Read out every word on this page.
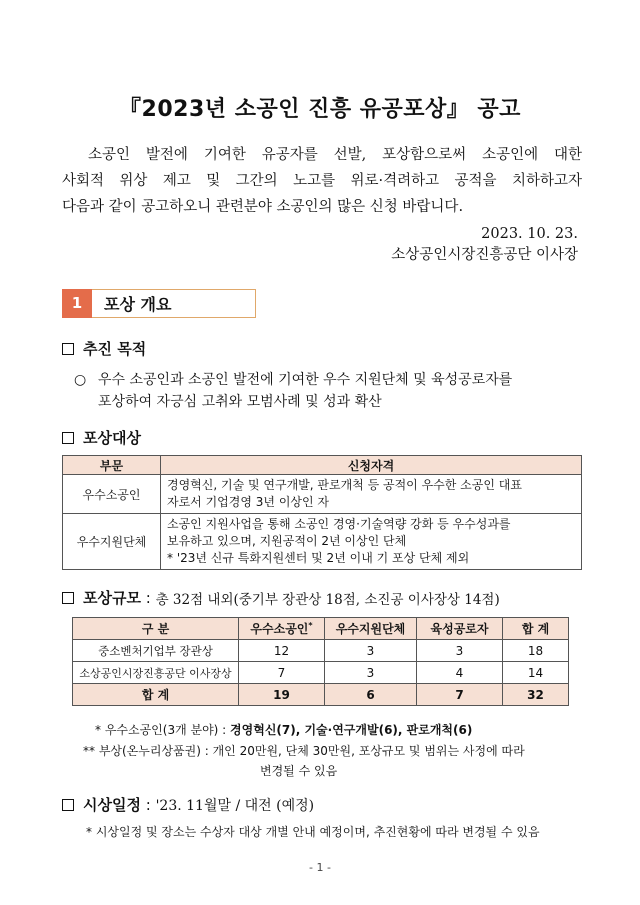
『2023년 소공인 진흥 유공포상』 공고
소공인 발전에 기여한 유공자를 선발, 포상함으로써 소공인에 대한
사회적 위상 제고 및 그간의 노고를 위로·격려하고 공적을 치하하고자
다음과 같이 공고하오니 관련분야 소공인의 많은 신청 바랍니다.
2023. 10. 23.
소상공인시장진흥공단 이사장
1	포상 개요
추진 목적
○ 우수 소공인과 소공인 발전에 기여한 우수 지원단체 및 육성공로자를
포상하여 자긍심 고취와 모범사례 및 성과 확산
포상대상
부문	신청자격
우수소공인	경영혁신, 기술 및 연구개발, 판로개척 등 공적이 우수한 소공인 대표
자로서 기업경영 3년 이상인 자

우수지원단체	소공인 지원사업을 통해 소공인 경영·기술역량 강화 등 우수성과를
보유하고 있으며, 지원공적이 2년 이상인 단체
* '23년 신규 특화지원센터 및 2년 이내 기 포상 단체 제외
포상규모 : 총 32점 내외(중기부 장관상 18점, 소진공 이사장상 14점)
구 분	우수소공인*	우수지원단체	육성공로자	합 계
중소벤처기업부 장관상	12	3	3	18
소상공인시장진흥공단 이사장상	7	3	4	14
합 계	19	6	7	32
* 우수소공인(3개 분야) : 경영혁신(7), 기술·연구개발(6), 판로개척(6)
** 부상(온누리상품권) : 개인 20만원, 단체 30만원, 포상규모 및 범위는 사정에 따라
변경될 수 있음
시상일정 : '23. 11월말 / 대전 (예정)
* 시상일정 및 장소는 수상자 대상 개별 안내 예정이며, 추진현황에 따라 변경될 수 있음
- 1 -
